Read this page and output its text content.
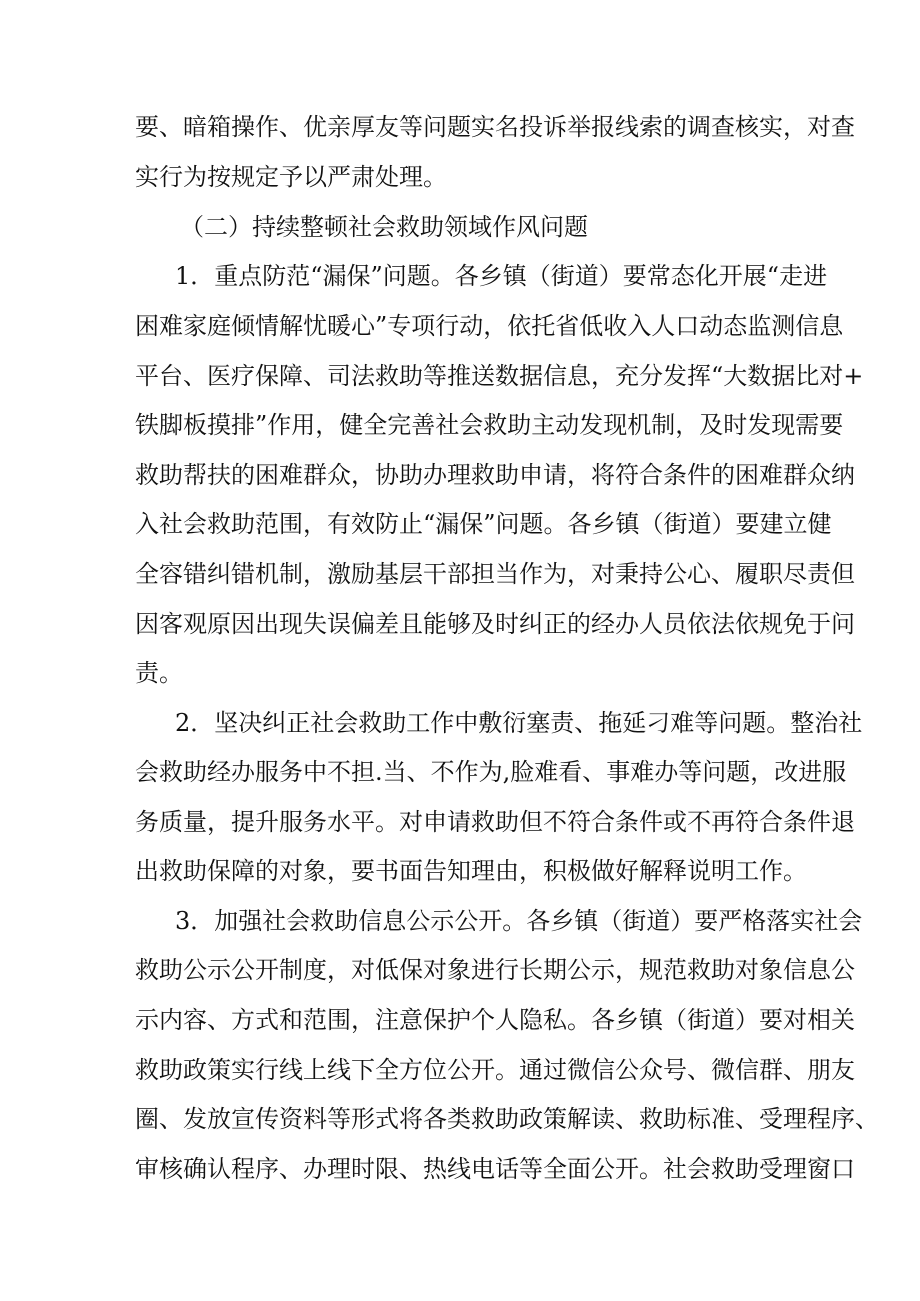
要、暗箱操作、优亲厚友等问题实名投诉举报线索的调查核实，对查
实行为按规定予以严肃处理。
（二）持续整顿社会救助领域作风问题
1．重点防范“漏保”问题。各乡镇（街道）要常态化开展“走进
困难家庭倾情解忧暖心”专项行动，依托省低收入人口动态监测信息
平台、医疗保障、司法救助等推送数据信息，充分发挥“大数据比对+
铁脚板摸排”作用，健全完善社会救助主动发现机制，及时发现需要
救助帮扶的困难群众，协助办理救助申请，将符合条件的困难群众纳
入社会救助范围，有效防止“漏保”问题。各乡镇（街道）要建立健
全容错纠错机制，激励基层干部担当作为，对秉持公心、履职尽责但
因客观原因出现失误偏差且能够及时纠正的经办人员依法依规免于问
责。
2．坚决纠正社会救助工作中敷衍塞责、拖延刁难等问题。整治社
会救助经办服务中不担.当、不作为,脸难看、事难办等问题，改进服
务质量，提升服务水平。对申请救助但不符合条件或不再符合条件退
出救助保障的对象，要书面告知理由，积极做好解释说明工作。
3．加强社会救助信息公示公开。各乡镇（街道）要严格落实社会
救助公示公开制度，对低保对象进行长期公示，规范救助对象信息公
示内容、方式和范围，注意保护个人隐私。各乡镇（街道）要对相关
救助政策实行线上线下全方位公开。通过微信公众号、微信群、朋友
圈、发放宣传资料等形式将各类救助政策解读、救助标准、受理程序、
审核确认程序、办理时限、热线电话等全面公开。社会救助受理窗口
